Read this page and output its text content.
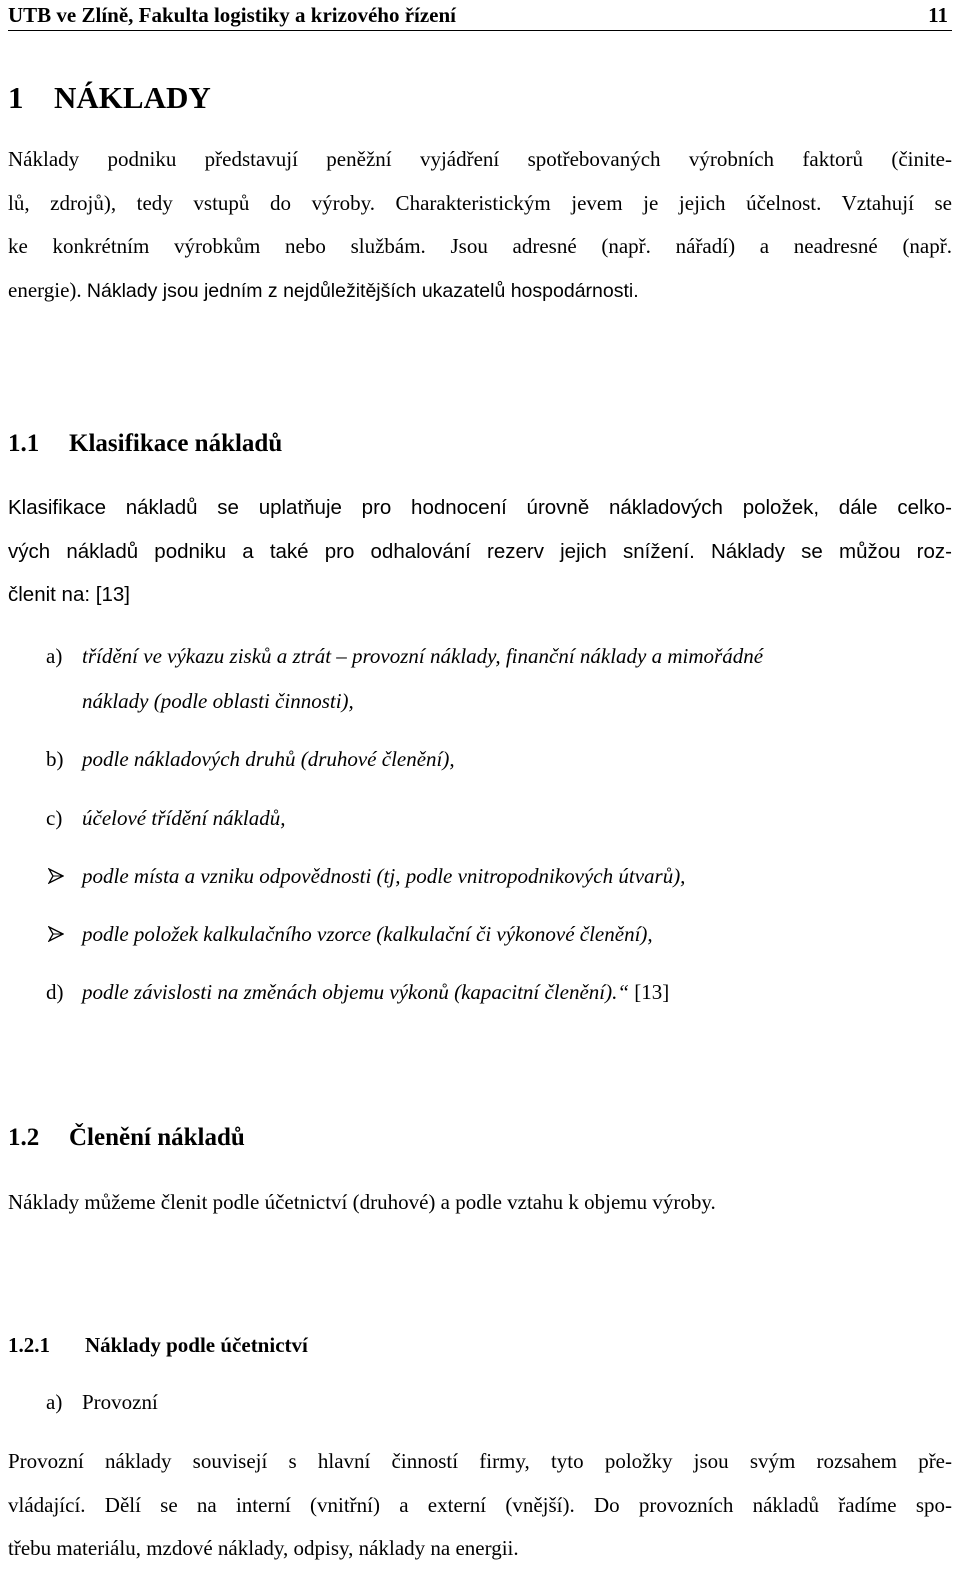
UTB ve Zlíně, Fakulta logistiky a krizového řízení	11
1 NÁKLADY
Náklady podniku představují peněžní vyjádření spotřebovaných výrobních faktorů (činite-
lů, zdrojů), tedy vstupů do výroby. Charakteristickým jevem je jejich účelnost. Vztahují se
ke konkrétním výrobkům nebo službám. Jsou adresné (např. nářadí) a neadresné (např.
energie). Náklady jsou jedním z nejdůležitějších ukazatelů hospodárnosti.
1.1 Klasifikace nákladů
Klasifikace nákladů se uplatňuje pro hodnocení úrovně nákladových položek, dále celko-
vých nákladů podniku a také pro odhalování rezerv jejich snížení. Náklady se můžou roz-
členit na: [13]
a) třídění ve výkazu zisků a ztrát – provozní náklady, finanční náklady a mimořádné
náklady (podle oblasti činnosti),
b) podle nákladových druhů (druhové členění),
c) účelové třídění nákladů,
podle místa a vzniku odpovědnosti (tj, podle vnitropodnikových útvarů),
podle položek kalkulačního vzorce (kalkulační či výkonové členění),
d) podle závislosti na změnách objemu výkonů (kapacitní členění).“ [13]
1.2 Členění nákladů
Náklady můžeme členit podle účetnictví (druhové) a podle vztahu k objemu výroby.
1.2.1 Náklady podle účetnictví
a) Provozní
Provozní náklady souvisejí s hlavní činností firmy, tyto položky jsou svým rozsahem pře-
vládající. Dělí se na interní (vnitřní) a externí (vnější). Do provozních nákladů řadíme spo-
třebu materiálu, mzdové náklady, odpisy, náklady na energii.
